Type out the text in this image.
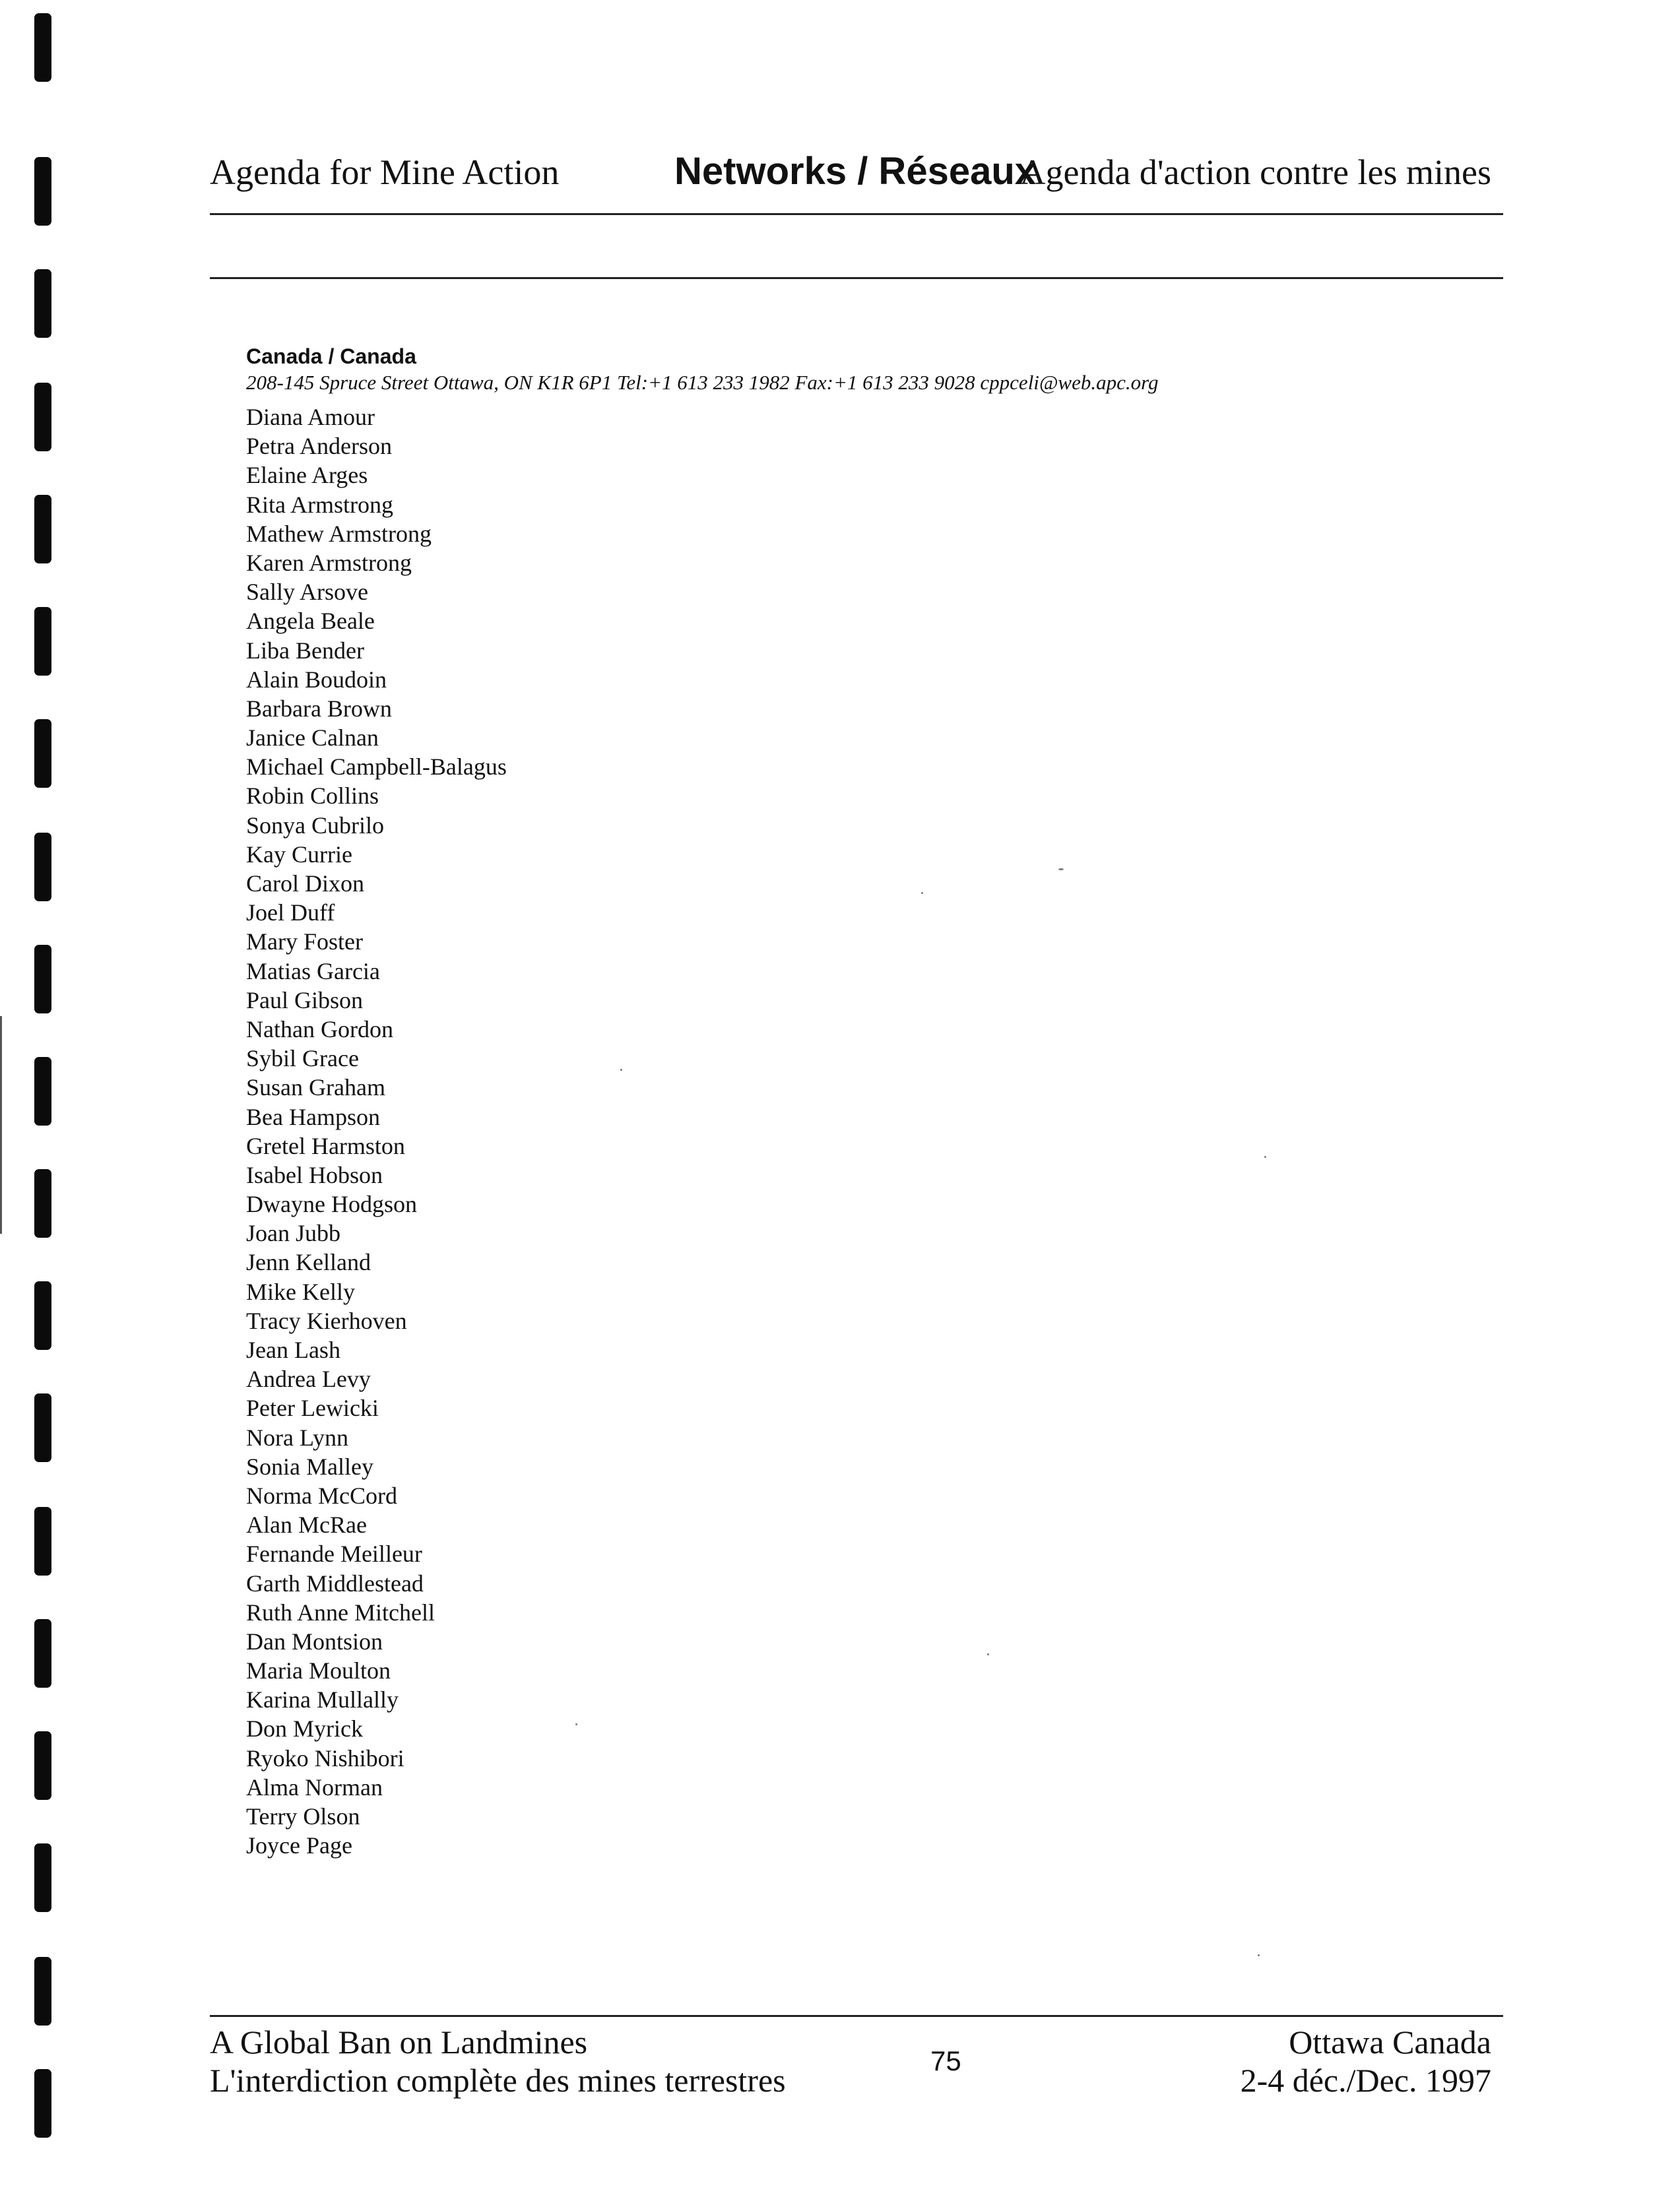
Agenda for Mine Action	Networks / Réseaux
Agenda d'action contre les mines
Canada / Canada
208-145 Spruce Street Ottawa, ON K1R 6P1 Tel:+1 613 233 1982 Fax:+1 613 233 9028 cppceli@web.apc.org
Diana Amour
Petra Anderson
Elaine Arges
Rita Armstrong
Mathew Armstrong
Karen Armstrong
Sally Arsove
Angela Beale
Liba Bender
Alain Boudoin
Barbara Brown
Janice Calnan
Michael Campbell-Balagus
Robin Collins
Sonya Cubrilo
Kay Currie
Carol Dixon
Joel Duff
Mary Foster
Matias Garcia
Paul Gibson
Nathan Gordon
Sybil Grace
Susan Graham
Bea Hampson
Gretel Harmston
Isabel Hobson
Dwayne Hodgson
Joan Jubb
Jenn Kelland
Mike Kelly
Tracy Kierhoven
Jean Lash
Andrea Levy
Peter Lewicki
Nora Lynn
Sonia Malley
Norma McCord
Alan McRae
Fernande Meilleur
Garth Middlestead
Ruth Anne Mitchell
Dan Montsion
Maria Moulton
Karina Mullally
Don Myrick
Ryoko Nishibori
Alma Norman
Terry Olson
Joyce Page
A Global Ban on Landmines
L'interdiction complète des mines terrestres
75
Ottawa Canada
2-4 déc./Dec. 1997
